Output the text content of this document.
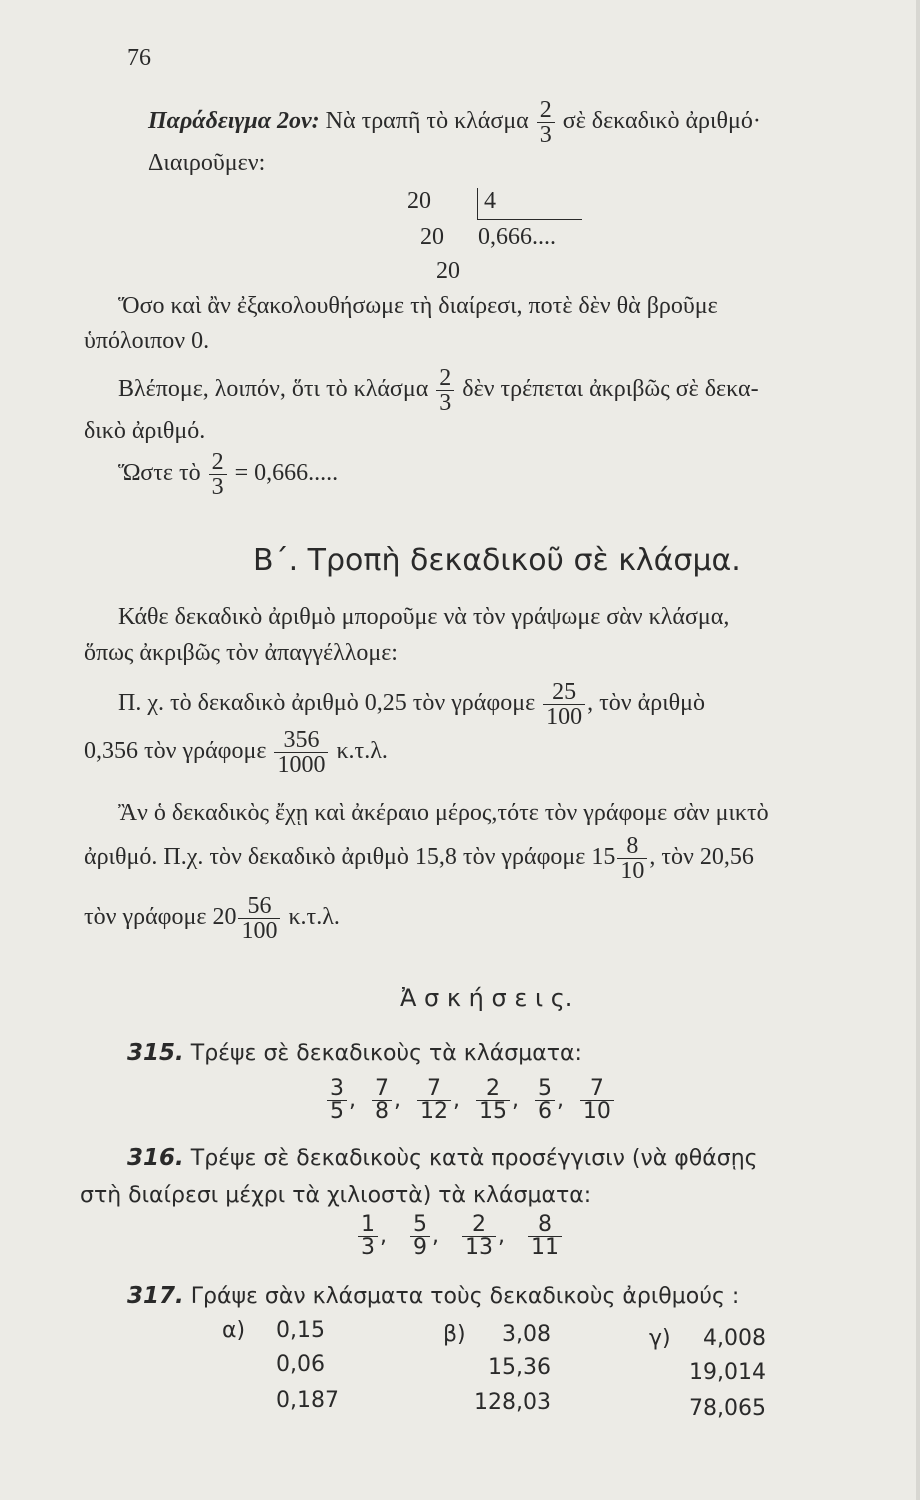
76
Παράδειγμα 2ον: Νὰ τραπῆ τὸ κλάσμα $\frac{2}{3}$ σὲ δεκαδικὸ ἀριθμό·
Διαιροῦμεν:
20 4
20 0,666....
20
Ὅσο καὶ ἂν ἐξακολουθήσωμε τὴ διαίρεσι, ποτὲ δὲν θὰ βροῦμε
ὑπόλοιπον 0.
Βλέπομε, λοιπόν, ὅτι τὸ κλάσμα $\frac{2}{3}$ δὲν τρέπεται ἀκριβῶς σὲ δεκα-
δικὸ ἀριθμό.
Ὥστε τὸ $\frac{2}{3} = 0,666$.....
Β΄. Τροπὴ δεκαδικοῦ σὲ κλάσμα.
Κάθε δεκαδικὸ ἀριθμὸ μποροῦμε νὰ τὸν γράψωμε σὰν κλάσμα,
ὅπως ἀκριβῶς τὸν ἀπαγγέλλομε:
Π. χ. τὸ δεκαδικὸ ἀριθμὸ 0,25 τὸν γράφομε $\frac{25}{100}$ , τὸν ἀριθμὸ
0,356 τὸν γράφομε $\frac{356}{1000} \kappa.\tau.\lambda$.
Ἂν ὁ δεκαδικὸς ἔχῃ καὶ ἀκέραιο μέρος,τότε τὸν γράφομε σὰν μικτὸ
ἀριθμό. Π.χ. τὸν δεκαδικὸ ἀριθμὸ 15,8 τὸν γράφομε $15 \frac{8}{10}$ , τὸν 20,56
τὸν γράφομε $20 \frac{56}{100} \kappa.\tau.\lambda$.
Ἀ σ κ ή σ ε ι ς.
315. Τρέψε σὲ δεκαδικοὺς τὰ κλάσματα:
$\frac{3}{5}$ , $\frac{7}{8}$ , $\frac{7}{12}$ , $\frac{2}{15}$ , $\frac{5}{6}$ , $\frac{7}{10}$
316. Τρέψε σὲ δεκαδικοὺς κατὰ προσέγγισιν (νὰ φθάσῃς
στὴ διαίρεσι μέχρι τὰ χιλιοστὰ) τὰ κλάσματα:
$\frac{1}{3}$ , $\frac{5}{9}$ , $\frac{2}{13}$ , $\frac{8}{11}$
317. Γράψε σὰν κλάσματα τοὺς δεκαδικοὺς ἀριθμούς :
α) 0,15
0,06
0,187
β)	3,08
15,36
128,03
γ)	4,008
19,014
78,065
